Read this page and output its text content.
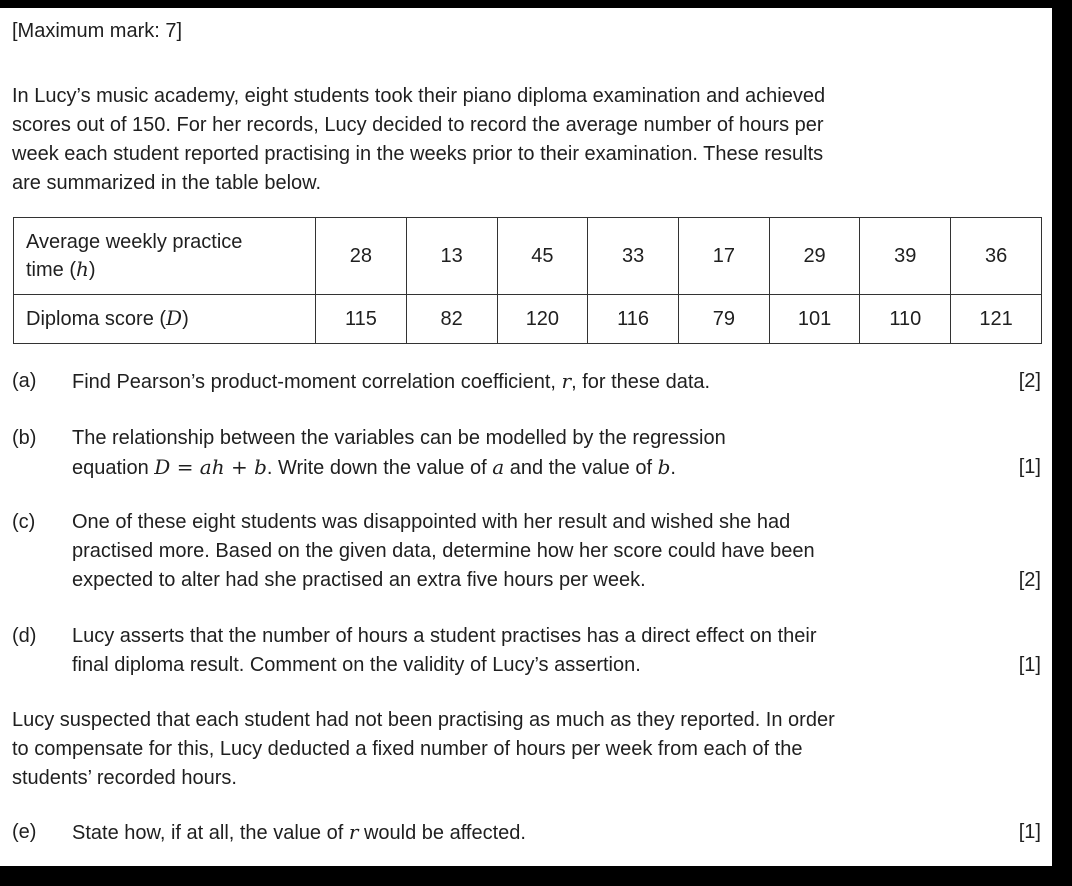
[Maximum mark: 7]
In Lucy’s music academy, eight students took their piano diploma examination and achieved
scores out of 150. For her records, Lucy decided to record the average number of hours per
week each student reported practising in the weeks prior to their examination. These results
are summarized in the table below.
Average weekly practice
time (h)	28	13	45	33	17	29	39	36
Diploma score (D)	115	82	120	116	79	101	110	121
(a) Find Pearson’s product-moment correlation coefficient, r, for these data.	[2]
(b) The relationship between the variables can be modelled by the regression
equation D = ah + b. Write down the value of a and the value of b.	[1]
(c) One of these eight students was disappointed with her result and wished she had
practised more. Based on the given data, determine how her score could have been
expected to alter had she practised an extra five hours per week.	[2]
(d) Lucy asserts that the number of hours a student practises has a direct effect on their
final diploma result. Comment on the validity of Lucy’s assertion.	[1]
Lucy suspected that each student had not been practising as much as they reported. In order
to compensate for this, Lucy deducted a fixed number of hours per week from each of the
students’ recorded hours.
(e) State how, if at all, the value of r would be affected.	[1]
